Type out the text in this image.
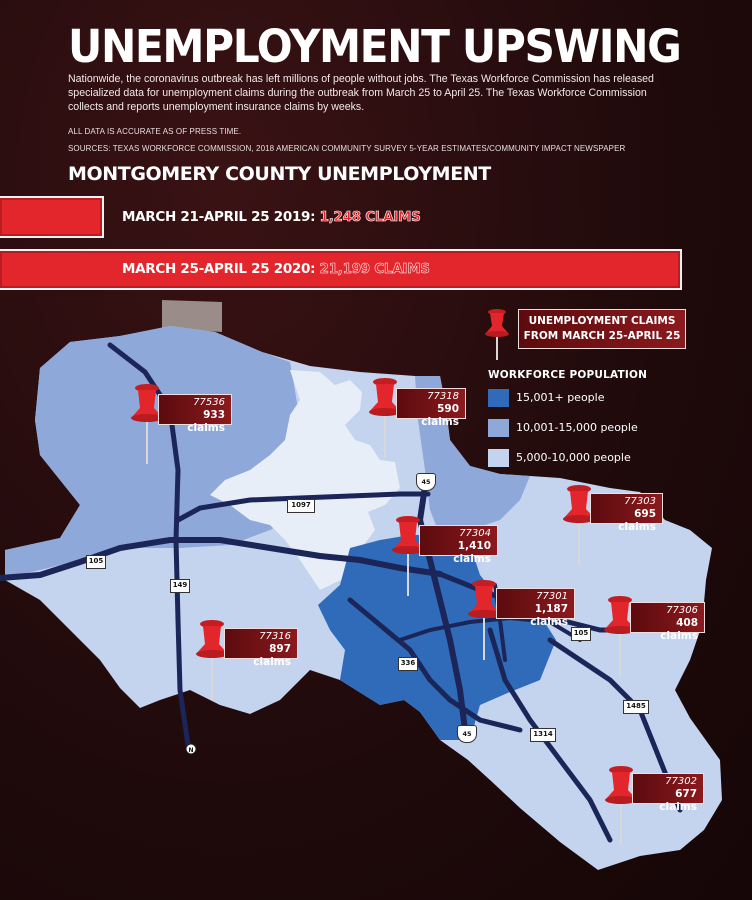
UNEMPLOYMENT UPSWING

Nationwide, the coronavirus outbreak has left millions of people without jobs. The Texas Workforce Commission has released specialized data for unemployment claims during the outbreak from March 25 to April 25. The Texas Workforce Commission collects and reports unemployment insurance claims by weeks.

ALL DATA IS ACCURATE AS OF PRESS TIME.
SOURCES: TEXAS WORKFORCE COMMISSION, 2018 AMERICAN COMMUNITY SURVEY 5-YEAR ESTIMATES/COMMUNITY IMPACT NEWSPAPER
MONTGOMERY COUNTY UNEMPLOYMENT
MARCH 21-APRIL 25 2019: 1,248 CLAIMS
MARCH 25-APRIL 25 2020: 21,199 CLAIMS
N
1097
105
149
336
105
1485
1314
45
45
77536
933 claims
77318
590 claims
77303
695 claims
77304
1,410 claims
77301
1,187 claims
77306
408 claims
77316
897 claims
77302
677 claims
UNEMPLOYMENT CLAIMS
FROM MARCH 25-APRIL 25
WORKFORCE POPULATION
15,001+ people
10,001-15,000 people
5,000-10,000 people
